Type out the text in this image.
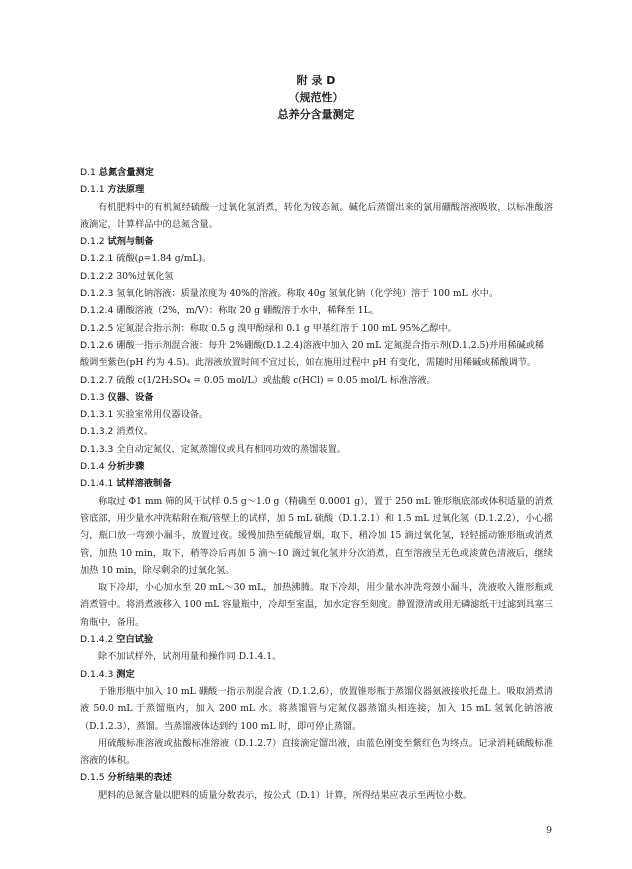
附 录 D
（规范性）
总养分含量测定

D.1 总氮含量测定

D.1.1 方法原理

有机肥料中的有机氮经硫酸一过氧化氢消煮，转化为铵态氮。碱化后蒸馏出来的氯用硼酸溶液吸收，以标准酸溶液滴定，计算样品中的总氮含量。

D.1.2 试剂与制备

D.1.2.1 硫酸(ρ=1.84 g/mL)。

D.1.2.2 30%过氧化氢

D.1.2.3 氢氧化钠溶液：质量浓度为 40%的溶液。称取 40g 氢氧化钠（化学纯）溶于 100 mL 水中。

D.1.2.4 硼酸溶液（2%，m/V）：称取 20 g 硼酸溶于水中，稀释至 1L。

D.1.2.5 定氮混合指示剂：称取 0.5 g 溴甲酚绿和 0.1 g 甲基红溶于 100 mL 95%乙醇中。

D.1.2.6 硼酸一指示剂混合液：每升 2%硼酸(D.1.2.4)溶液中加入 20 mL 定氮混合指示剂(D.1.2.5)并用稀碱或稀酸调至紫色(pH 约为 4.5)。此溶液放置时间不宜过长，如在施用过程中 pH 有变化，需随时用稀碱或稀酸调节。

D.1.2.7 硫酸 c(1/2H₂SO₄ = 0.05 mol/L）或盐酸 c(HCl) = 0.05 mol/L 标准溶液。

D.1.3 仪器、设备

D.1.3.1 实验室常用仪器设备。

D.1.3.2 消煮仪。

D.1.3.3 全自动定氮仪、定氮蒸馏仪或具有相同功效的蒸馏装置。

D.1.4 分析步骤

D.1.4.1 试样溶液制备

称取过 Φ1 mm 筛的风干试样 0.5 g～1.0 g（精确至 0.0001 g），置于 250 mL 锥形瓶底部或体积适量的消煮管底部，用少量水冲洗粘附在瓶/管壁上的试样，加 5 mL 硫酸（D.1.2.1）和 1.5 mL 过氧化氢（D.1.2.2），小心摇匀，瓶口放一弯颈小漏斗，放置过夜。缓慢加热至硫酸冒烟，取下，稍冷加 15 滴过氧化氢，轻轻摇动锥形瓶或消煮管，加热 10 min，取下，稍等冷后再加 5 滴～10 滴过氧化氢并分次消煮，直至溶液呈无色或淡黄色清液后，继续加热 10 min，除尽剩余的过氧化氢。

取下冷却，小心加水至 20 mL～30 mL，加热沸腾。取下冷却，用少量水冲洗弯颈小漏斗，洗液收入锥形瓶或消煮管中。将消煮液移入 100 mL 容量瓶中，冷却至室温，加水定容至刻度。静置澄清或用无磷滤纸干过滤到具塞三角瓶中，备用。

D.1.4.2 空白试验

除不加试样外，试剂用量和操作同 D.1.4.1。

D.1.4.3 测定

于锥形瓶中加入 10 mL 硼酸一指示剂混合液（D.1.2.6），放置锥形瓶于蒸馏仪器氨液接收托盘上。吸取消煮清液 50.0 mL 于蒸馏瓶内，加入 200 mL 水。将蒸馏管与定氮仪器蒸馏头相连接，加入 15 mL 氢氧化钠溶液（D.1.2.3），蒸馏。当蒸馏液体达到约 100 mL 时，即可停止蒸馏。

用硫酸标准溶液或盐酸标准溶液（D.1.2.7）直接滴定馏出液，由蓝色刚变至紫红色为终点。记录消耗硫酸标准溶液的体积。

D.1.5 分析结果的表述

肥料的总氮含量以肥料的质量分数表示，按公式（D.1）计算，所得结果应表示至两位小数。

9
